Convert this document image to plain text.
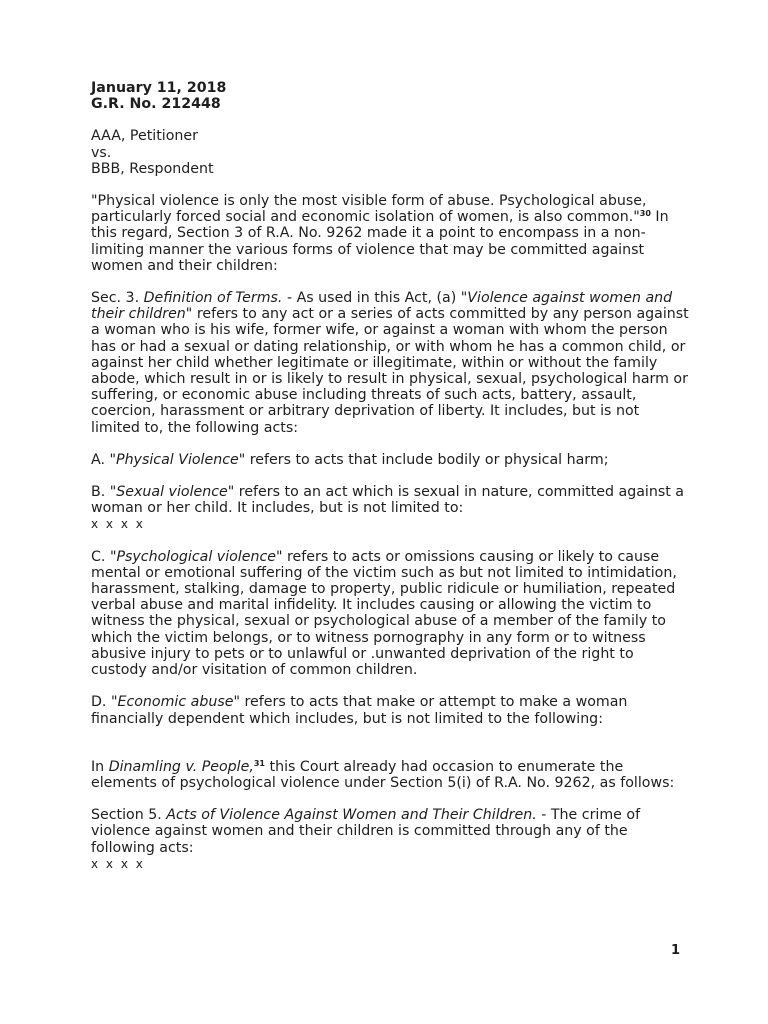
January 11, 2018

G.R. No. 212448

AAA, Petitioner

vs.

BBB, Respondent

"Physical violence is only the most visible form of abuse. Psychological abuse, particularly forced social and economic isolation of women, is also common."$^{30}$ In this regard, Section 3 of R.A. No. 9262 made it a point to encompass in a non-limiting manner the various forms of violence that may be committed against women and their children:

Sec. 3. Definition of Terms. - As used in this Act, (a) "Violence against women and their children" refers to any act or a series of acts committed by any person against a woman who is his wife, former wife, or against a woman with whom the person has or had a sexual or dating relationship, or with whom he has a common child, or against her child whether legitimate or illegitimate, within or without the family abode, which result in or is likely to result in physical, sexual, psychological harm or suffering, or economic abuse including threats of such acts, battery, assault, coercion, harassment or arbitrary deprivation of liberty. It includes, but is not limited to, the following acts:

A. "Physical Violence" refers to acts that include bodily or physical harm;

B. "Sexual violence" refers to an act which is sexual in nature, committed against a woman or her child. It includes, but is not limited to:

x x x x

C. "Psychological violence" refers to acts or omissions causing or likely to cause mental or emotional suffering of the victim such as but not limited to intimidation, harassment, stalking, damage to property, public ridicule or humiliation, repeated verbal abuse and marital infidelity. It includes causing or allowing the victim to witness the physical, sexual or psychological abuse of a member of the family to which the victim belongs, or to witness pornography in any form or to witness abusive injury to pets or to unlawful or .unwanted deprivation of the right to custody and/or visitation of common children.

D. "Economic abuse" refers to acts that make or attempt to make a woman financially dependent which includes, but is not limited to the following:

In Dinamling v. People,$^{31}$ this Court already had occasion to enumerate the elements of psychological violence under Section 5(i) of R.A. No. 9262, as follows:

Section 5. Acts of Violence Against Women and Their Children. - The crime of violence against women and their children is committed through any of the following acts:

x x x x

1
